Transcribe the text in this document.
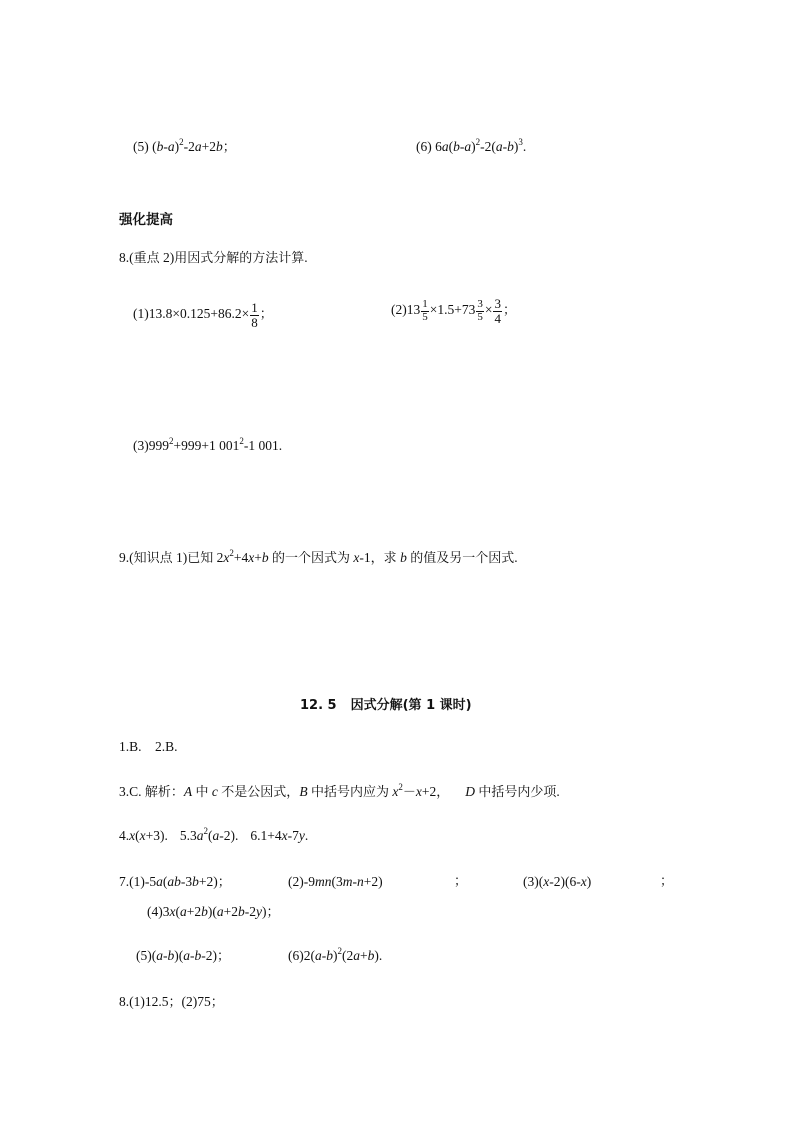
(5) $(b-a)^2-2a+2b$；	(6) $6a(b-a)^2-2(a-b)^3$.
强化提高
8.(重点 2)用因式分解的方法计算.
$(1)13.8\times 0.125+86.2\times \frac{1}{8}$ ；	$(2)13 \frac{1}{5} \times 1.5+73 \frac{3}{5} \times \frac{3}{4}$ ；
$(3)999^2+999+1$ $001^2-1$ 001.
9.(知识点 1)已知 $2x^2+4x+b$ 的一个因式为 x-1，求 b 的值及另一个因式.
12. 5 因式分解(第 1 课时)
1.B.　2.B.
3.C. 解析：A 中 c 不是公因式，B 中括号内应为 $x^2-x+2$， D 中括号内少项.
4.x(x+3). $5.3a^2(a-2)$. 6.1+4x-7y.
7.(1)-5a(ab-3b+2)；	(2)-9mn(3m-n+2)	；	(3)(x-2)(6-x)	；
(4)3x(a+2b)(a+2b-2y)；
(5)(a-b)(a-b-2)；	$(6)2(a-b)^2(2a+b)$.
8.(1)12.5；(2)75；
